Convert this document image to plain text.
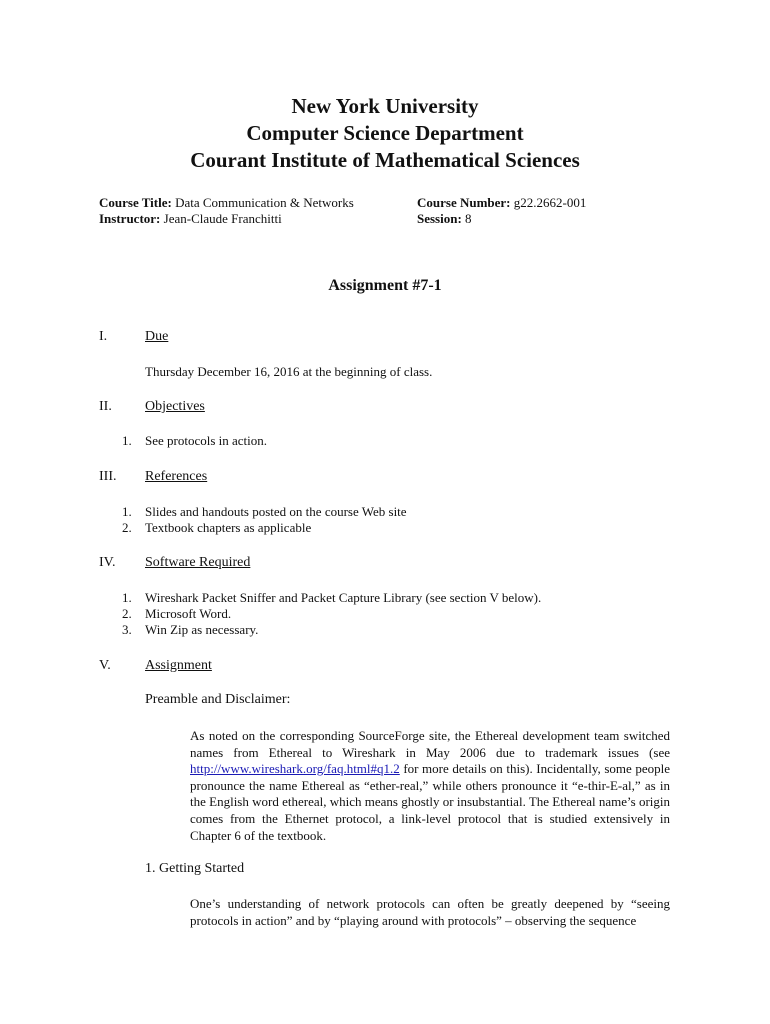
New York University
Computer Science Department
Courant Institute of Mathematical Sciences
Course Title: Data Communication & Networks
Instructor: Jean-Claude Franchitti
Course Number: g22.2662-001
Session: 8
Assignment #7-1
I.	Due
Thursday December 16, 2016 at the beginning of class.
II. Objectives
1. See protocols in action.
III. References
1. Slides and handouts posted on the course Web site
2. Textbook chapters as applicable
IV. Software Required
1. Wireshark Packet Sniffer and Packet Capture Library (see section V below).
2. Microsoft Word.
3. Win Zip as necessary.
V. Assignment
Preamble and Disclaimer:
As noted on the corresponding SourceForge site, the Ethereal development team switched names from Ethereal to Wireshark in May 2006 due to trademark issues (see http://www.wireshark.org/faq.html#q1.2 for more details on this). Incidentally, some people pronounce the name Ethereal as “ether-real,” while others pronounce it “e-thir-E-al,” as in the English word ethereal, which means ghostly or insubstantial. The Ethereal name’s origin comes from the Ethernet protocol, a link-level protocol that is studied extensively in Chapter 6 of the textbook.
1. Getting Started
One’s understanding of network protocols can often be greatly deepened by “seeing protocols in action” and by “playing around with protocols” – observing the sequence
